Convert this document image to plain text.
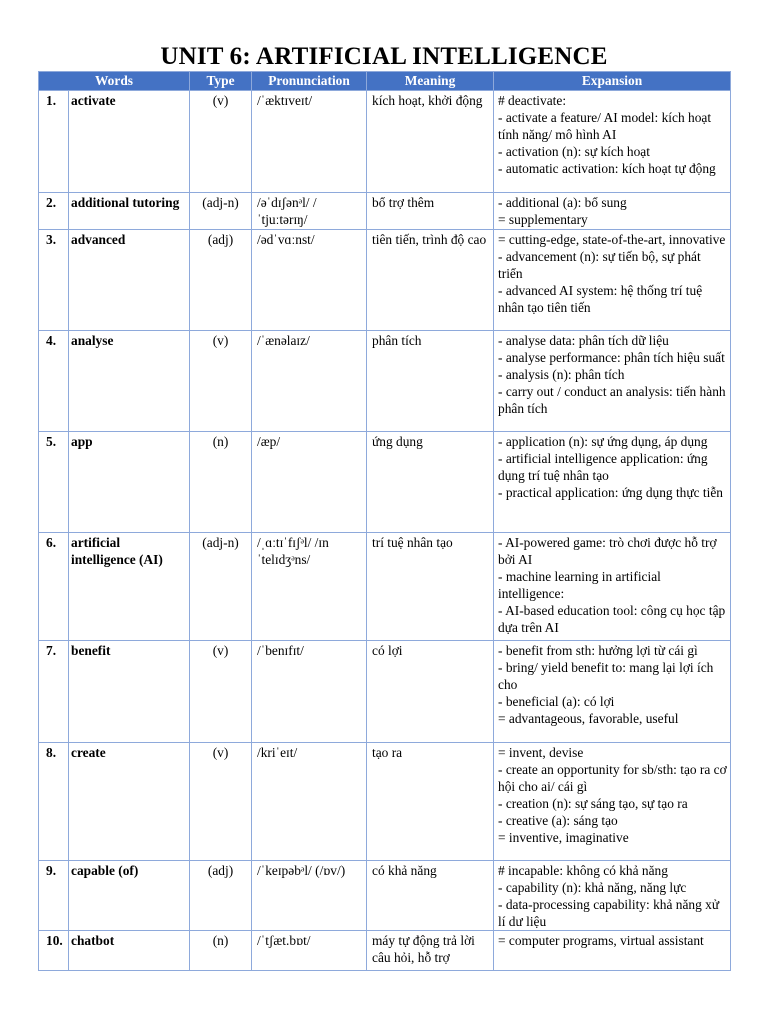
UNIT 6: ARTIFICIAL INTELLIGENCE
Words		Type	Pronunciation	Meaning	Expansion
1.	activate	(v)	/ˈæktɪveɪt/	kích hoạt, khởi động	# deactivate:
- activate a feature/ AI model: kích hoạt tính năng/ mô hình AI
- activation (n): sự kích hoạt
- automatic activation: kích hoạt tự động

2.	additional tutoring	(adj-n)	/əˈdɪʃənᵊl/ /ˈtjuːtərɪŋ/	bổ trợ thêm	- additional (a): bổ sung
= supplementary

3.	advanced	(adj)	/ədˈvɑːnst/	tiên tiến, trình độ cao	= cutting-edge, state-of-the-art, innovative
- advancement (n): sự tiến bộ, sự phát triển
- advanced AI system: hệ thống trí tuệ nhân tạo tiên tiến

4.	analyse	(v)	/ˈænəlaɪz/	phân tích	- analyse data: phân tích dữ liệu
- analyse performance: phân tích hiệu suất
- analysis (n): phân tích
- carry out / conduct an analysis: tiến hành phân tích

5.	app	(n)	/æp/	ứng dụng	- application (n): sự ứng dụng, áp dụng
- artificial intelligence application: ứng dụng trí tuệ nhân tạo
- practical application: ứng dụng thực tiễn

6.	artificial intelligence (AI)	(adj-n)	/ˌɑːtɪˈfɪʃᵊl/ /ɪn ˈtelɪdʒᵊns/	trí tuệ nhân tạo	- AI-powered game: trò chơi được hỗ trợ bởi AI
- machine learning in artificial intelligence:
- AI-based education tool: công cụ học tập dựa trên AI

7.	benefit	(v)	/ˈbenɪfɪt/	có lợi	- benefit from sth: hưởng lợi từ cái gì
- bring/ yield benefit to: mang lại lợi ích cho
- beneficial (a): có lợi
= advantageous, favorable, useful

8.	create	(v)	/kriˈeɪt/	tạo ra	= invent, devise
- create an opportunity for sb/sth: tạo ra cơ hội cho ai/ cái gì
- creation (n): sự sáng tạo, sự tạo ra
- creative (a): sáng tạo
= inventive, imaginative

9.	capable (of)	(adj)	/ˈkeɪpəbᵊl/ (/ɒv/)	có khả năng	# incapable: không có khả năng
- capability (n): khả năng, năng lực
- data-processing capability: khả năng xử lí dư liệu

10.	chatbot	(n)	/ˈtʃæt.bɒt/	máy tự động trả lời câu hỏi, hỗ trợ	= computer programs, virtual assistant
